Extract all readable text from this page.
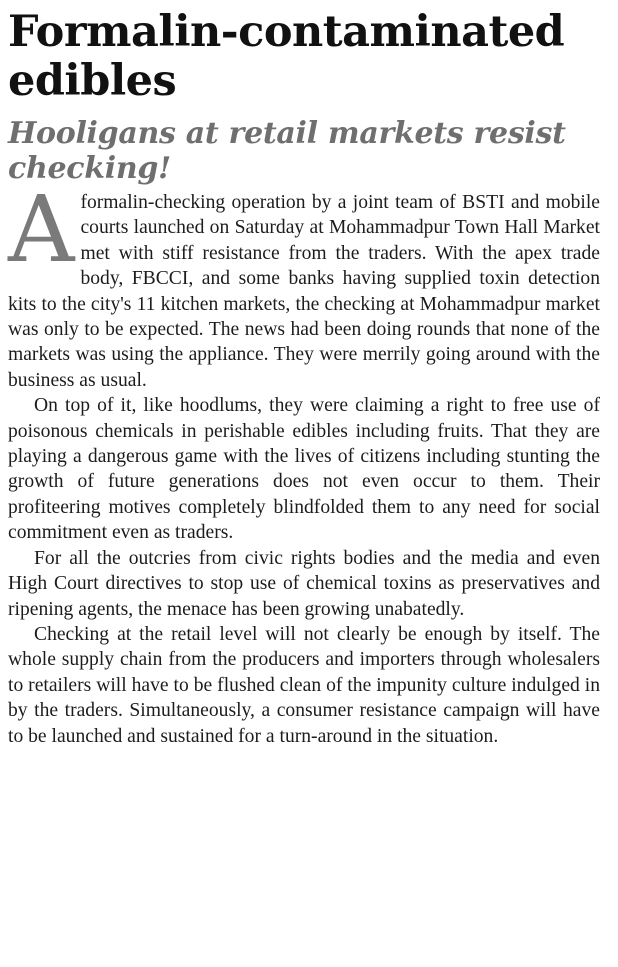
Formalin-contaminated edibles
Hooligans at retail markets resist checking!

Aformalin-checking operation by a joint team of BSTI and mobile courts launched on Saturday at Mohammadpur Town Hall Market met with stiff resistance from the traders. With the apex trade body, FBCCI, and some banks having supplied toxin detection kits to the city's 11 kitchen markets, the checking at Mohammadpur market was only to be expected. The news had been doing rounds that none of the markets was using the appliance. They were merrily going around with the business as usual.

On top of it, like hoodlums, they were claiming a right to free use of poisonous chemicals in perishable edibles including fruits. That they are playing a dangerous game with the lives of citizens including stunting the growth of future generations does not even occur to them. Their profiteering motives completely blindfolded them to any need for social commitment even as traders.

For all the outcries from civic rights bodies and the media and even High Court directives to stop use of chemical toxins as preservatives and ripening agents, the menace has been growing unabatedly.

Checking at the retail level will not clearly be enough by itself. The whole supply chain from the producers and importers through wholesalers to retailers will have to be flushed clean of the impunity culture indulged in by the traders. Simultaneously, a consumer resistance campaign will have to be launched and sustained for a turn-around in the situation.
